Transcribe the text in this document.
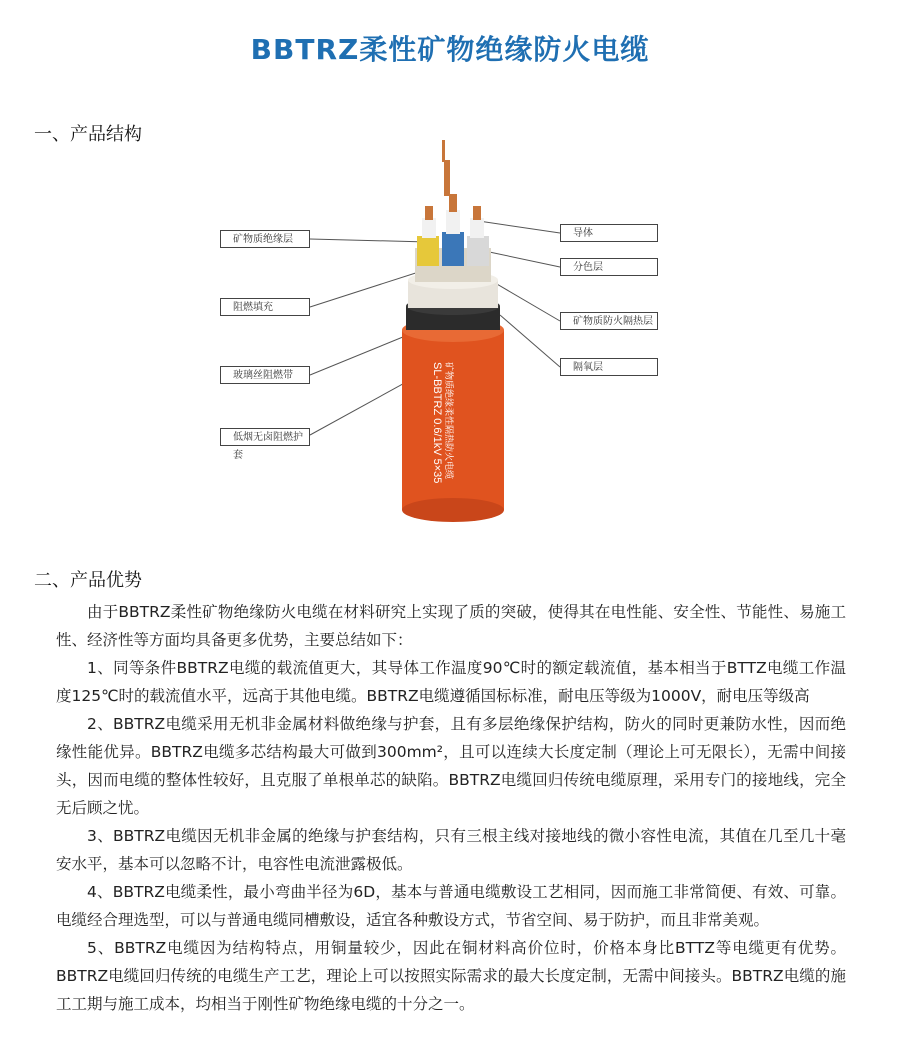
BBTRZ柔性矿物绝缘防火电缆
一、产品结构
SL-BBTRZ 0.6/1kV 5×35 矿物质绝缘柔性隔热防火电缆
矿物质绝缘层
阻燃填充
玻璃丝阻燃带
低烟无卤阻燃护套
导体
分色层
矿物质防火隔热层
隔氧层
二、产品优势

由于BBTRZ柔性矿物绝缘防火电缆在材料研究上实现了质的突破，使得其在电性能、安全性、节能性、易施工性、经济性等方面均具备更多优势，主要总结如下：

1、同等条件BBTRZ电缆的载流值更大，其导体工作温度90℃时的额定载流值，基本相当于BTTZ电缆工作温度125℃时的载流值水平，远高于其他电缆。BBTRZ电缆遵循国标标准，耐电压等级为1000V，耐电压等级高

2、BBTRZ电缆采用无机非金属材料做绝缘与护套，且有多层绝缘保护结构，防火的同时更兼防水性，因而绝缘性能优异。BBTRZ电缆多芯结构最大可做到300mm²，且可以连续大长度定制（理论上可无限长），无需中间接头，因而电缆的整体性较好，且克服了单根单芯的缺陷。BBTRZ电缆回归传统电缆原理，采用专门的接地线，完全无后顾之忧。

3、BBTRZ电缆因无机非金属的绝缘与护套结构，只有三根主线对接地线的微小容性电流，其值在几至几十毫安水平，基本可以忽略不计，电容性电流泄露极低。

4、BBTRZ电缆柔性，最小弯曲半径为6D，基本与普通电缆敷设工艺相同，因而施工非常简便、有效、可靠。电缆经合理选型，可以与普通电缆同槽敷设，适宜各种敷设方式，节省空间、易于防护，而且非常美观。

5、BBTRZ电缆因为结构特点，用铜量较少，因此在铜材料高价位时，价格本身比BTTZ等电缆更有优势。BBTRZ电缆回归传统的电缆生产工艺，理论上可以按照实际需求的最大长度定制，无需中间接头。BBTRZ电缆的施工工期与施工成本，均相当于刚性矿物绝缘电缆的十分之一。
